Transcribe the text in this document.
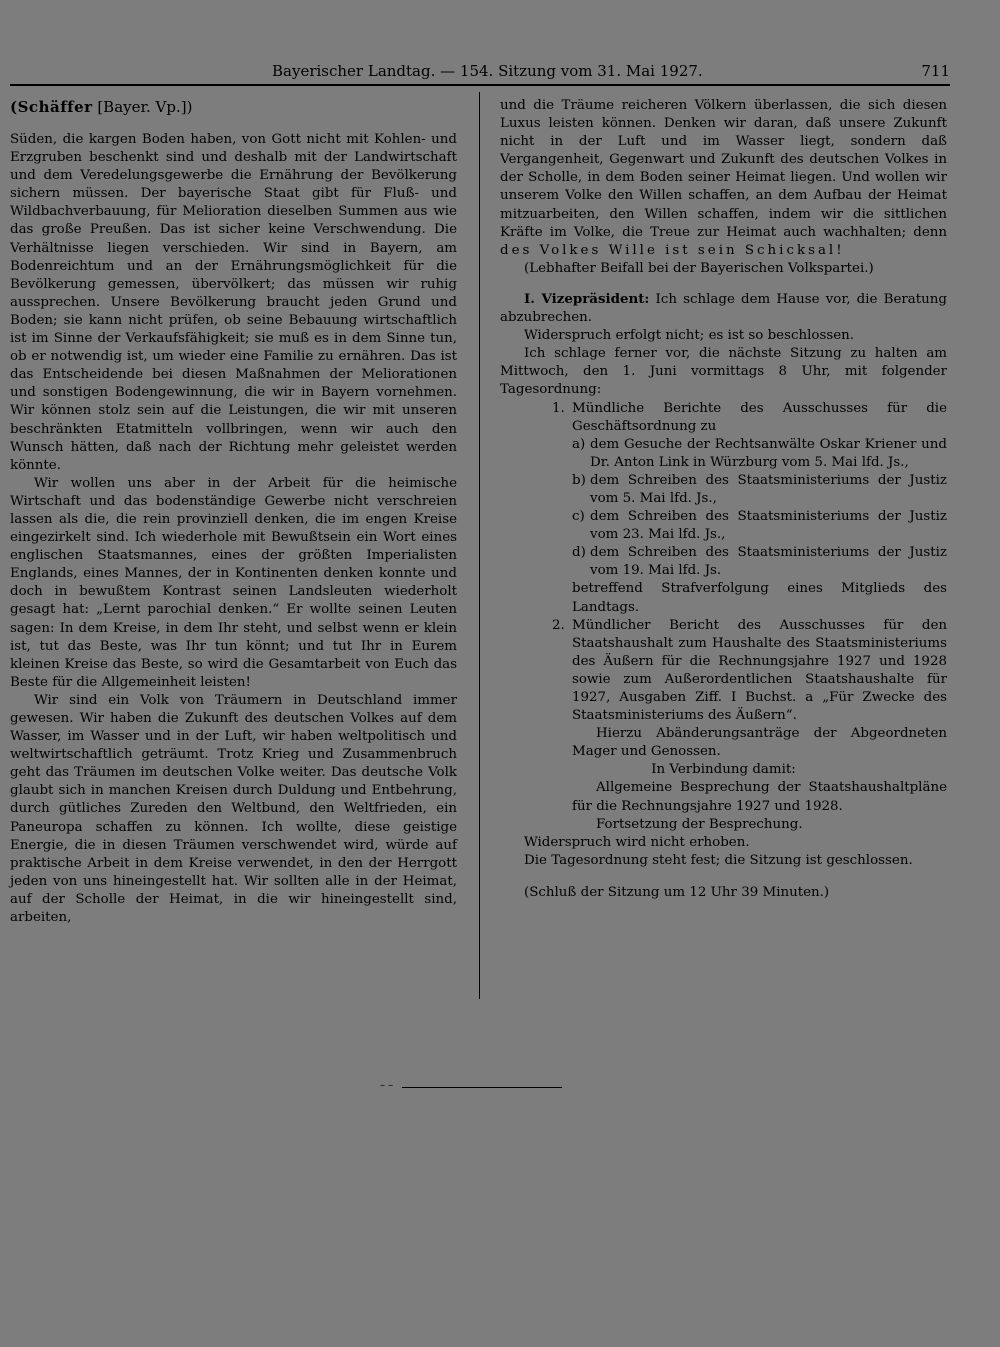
Bayerischer Landtag. — 154. Sitzung vom 31. Mai 1927.	711

(Schäffer [Bayer. Vp.])

Süden, die kargen Boden haben, von Gott nicht mit Kohlen- und Erzgruben beschenkt sind und deshalb mit der Landwirtschaft und dem Veredelungsgewerbe die Ernährung der Bevölkerung sichern müssen. Der bayerische Staat gibt für Fluß- und Wildbachverbauung, für Melioration dieselben Summen aus wie das große Preußen. Das ist sicher keine Verschwendung. Die Verhältnisse liegen verschieden. Wir sind in Bayern, am Bodenreichtum und an der Ernährungsmöglichkeit für die Bevölkerung gemessen, übervölkert; das müssen wir ruhig aussprechen. Unsere Bevölkerung braucht jeden Grund und Boden; sie kann nicht prüfen, ob seine Bebauung wirtschaftlich ist im Sinne der Verkaufsfähigkeit; sie muß es in dem Sinne tun, ob er notwendig ist, um wieder eine Familie zu ernähren. Das ist das Entscheidende bei diesen Maßnahmen der Meliorationen und sonstigen Bodengewinnung, die wir in Bayern vornehmen. Wir können stolz sein auf die Leistungen, die wir mit unseren beschränkten Etatmitteln vollbringen, wenn wir auch den Wunsch hätten, daß nach der Richtung mehr geleistet werden könnte.

Wir wollen uns aber in der Arbeit für die heimische Wirtschaft und das bodenständige Gewerbe nicht verschreien lassen als die, die rein provinziell denken, die im engen Kreise eingezirkelt sind. Ich wiederhole mit Bewußtsein ein Wort eines englischen Staatsmannes, eines der größten Imperialisten Englands, eines Mannes, der in Kontinenten denken konnte und doch in bewußtem Kontrast seinen Landsleuten wiederholt gesagt hat: „Lernt parochial denken.“ Er wollte seinen Leuten sagen: In dem Kreise, in dem Ihr steht, und selbst wenn er klein ist, tut das Beste, was Ihr tun könnt; und tut Ihr in Eurem kleinen Kreise das Beste, so wird die Gesamtarbeit von Euch das Beste für die Allgemeinheit leisten!

Wir sind ein Volk von Träumern in Deutschland immer gewesen. Wir haben die Zukunft des deutschen Volkes auf dem Wasser, im Wasser und in der Luft, wir haben weltpolitisch und weltwirtschaftlich geträumt. Trotz Krieg und Zusammenbruch geht das Träumen im deutschen Volke weiter. Das deutsche Volk glaubt sich in manchen Kreisen durch Duldung und Entbehrung, durch gütliches Zureden den Weltbund, den Weltfrieden, ein Paneuropa schaffen zu können. Ich wollte, diese geistige Energie, die in diesen Träumen verschwendet wird, würde auf praktische Arbeit in dem Kreise verwendet, in den der Herrgott jeden von uns hineingestellt hat. Wir sollten alle in der Heimat, auf der Scholle der Heimat, in die wir hineingestellt sind, arbeiten,

und die Träume reicheren Völkern überlassen, die sich diesen Luxus leisten können. Denken wir daran, daß unsere Zukunft nicht in der Luft und im Wasser liegt, sondern daß Vergangenheit, Gegenwart und Zukunft des deutschen Volkes in der Scholle, in dem Boden seiner Heimat liegen. Und wollen wir unserem Volke den Willen schaffen, an dem Aufbau der Heimat mitzuarbeiten, den Willen schaffen, indem wir die sittlichen Kräfte im Volke, die Treue zur Heimat auch wachhalten; denn des Volkes Wille ist sein Schicksal!

(Lebhafter Beifall bei der Bayerischen Volkspartei.)

I. Vizepräsident: Ich schlage dem Hause vor, die Beratung abzubrechen.

Widerspruch erfolgt nicht; es ist so beschlossen.

Ich schlage ferner vor, die nächste Sitzung zu halten am Mittwoch, den 1. Juni vormittags 8 Uhr, mit folgender Tagesordnung:

1. Mündliche Berichte des Ausschusses für die Geschäftsordnung zu
a) dem Gesuche der Rechtsanwälte Oskar Kriener und Dr. Anton Link in Würzburg vom 5. Mai lfd. Js.,
b) dem Schreiben des Staatsministeriums der Justiz vom 5. Mai lfd. Js.,
c) dem Schreiben des Staatsministeriums der Justiz vom 23. Mai lfd. Js.,
d) dem Schreiben des Staatsministeriums der Justiz vom 19. Mai lfd. Js.

betreffend Strafverfolgung eines Mitglieds des Landtags.

2. Mündlicher Bericht des Ausschusses für den Staatshaushalt zum Haushalte des Staatsministeriums des Äußern für die Rechnungsjahre 1927 und 1928 sowie zum Außerordentlichen Staatshaushalte für 1927, Ausgaben Ziff. I Buchst. a „Für Zwecke des Staatsministeriums des Äußern“.

Hierzu Abänderungsanträge der Abgeordneten Mager und Genossen.

In Verbindung damit:

Allgemeine Besprechung der Staatshaushaltpläne für die Rechnungsjahre 1927 und 1928.

Fortsetzung der Besprechung.

Widerspruch wird nicht erhoben.

Die Tagesordnung steht fest; die Sitzung ist geschlossen.

(Schluß der Sitzung um 12 Uhr 39 Minuten.)

– –
